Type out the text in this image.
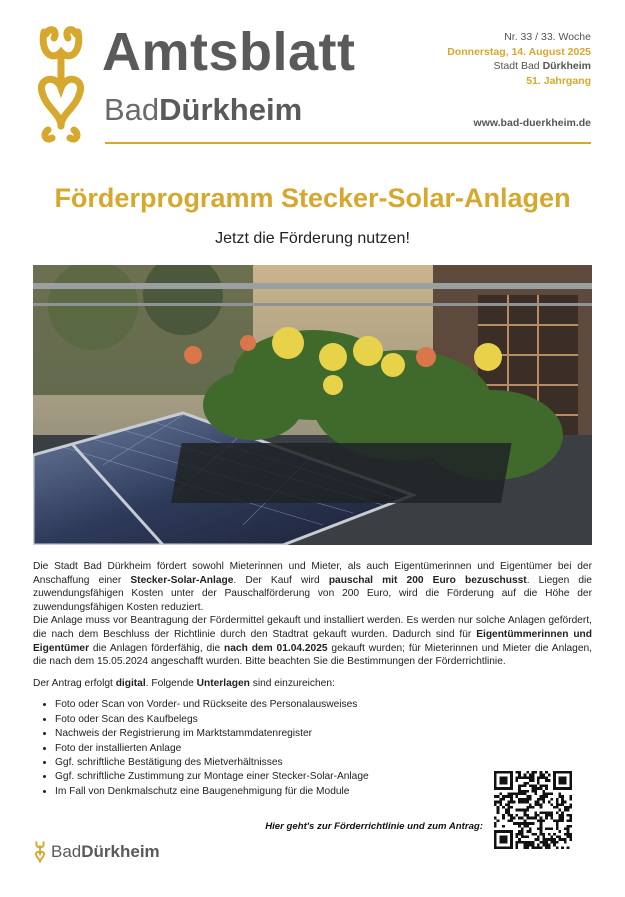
Amtsblatt
BadDürkheim
Nr. 33 / 33. Woche
Donnerstag, 14. August 2025
Stadt Bad Dürkheim
51. Jahrgang
www.bad-duerkheim.de
Förderprogramm Stecker-Solar-Anlagen
Jetzt die Förderung nutzen!

Die Stadt Bad Dürkheim fördert sowohl Mieterinnen und Mieter, als auch Eigentümerinnen und Eigentümer bei der Anschaffung einer Stecker-Solar-Anlage. Der Kauf wird pauschal mit 200 Euro bezuschusst. Liegen die zuwendungsfähigen Kosten unter der Pauschalförderung von 200 Euro, wird die Förderung auf die Höhe der zuwendungsfähigen Kosten reduziert.

Die Anlage muss vor Beantragung der Fördermittel gekauft und installiert werden. Es werden nur solche Anlagen gefördert, die nach dem Beschluss der Richtlinie durch den Stadtrat gekauft wurden. Dadurch sind für Eigentümmerinnen und Eigentümer die Anlagen förderfähig, die nach dem 01.04.2025 gekauft wurden; für Mieterinnen und Mieter die Anlagen, die nach dem 15.05.2024 angeschafft wurden. Bitte beachten Sie die Bestimmungen der Förderrichtlinie.

Der Antrag erfolgt digital. Folgende Unterlagen sind einzureichen:

• Foto oder Scan von Vorder- und Rückseite des Personalausweises
• Foto oder Scan des Kaufbelegs
• Nachweis der Registrierung im Marktstammdatenregister
• Foto der installierten Anlage
• Ggf. schriftliche Bestätigung des Mietverhältnisses
• Ggf. schriftliche Zustimmung zur Montage einer Stecker-Solar-Anlage
• Im Fall von Denkmalschutz eine Baugenehmigung für die Module
Hier geht's zur Förderrichtlinie und zum Antrag:
BadDürkheim
